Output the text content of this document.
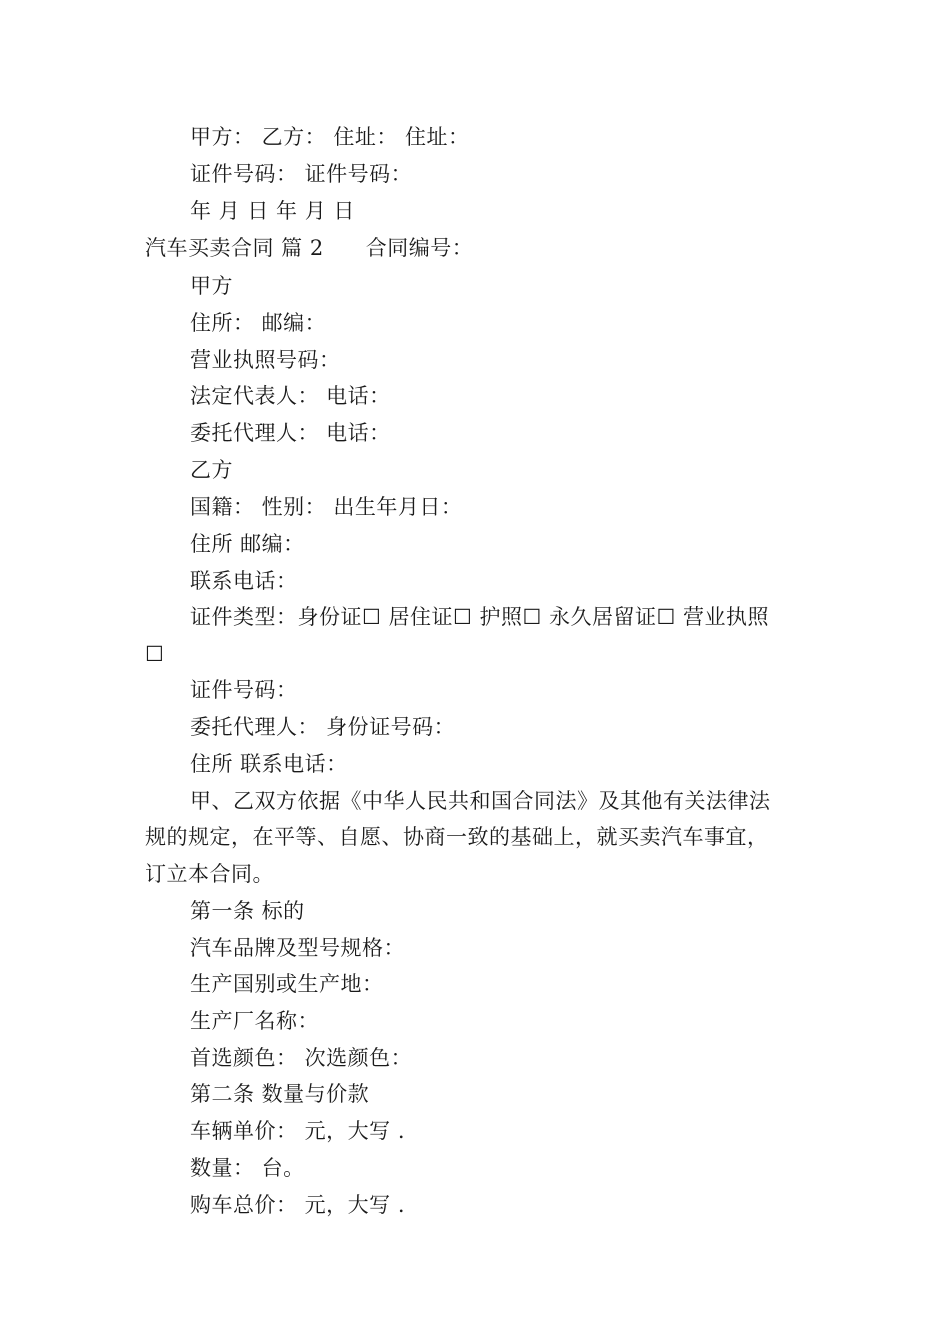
甲方： 乙方： 住址： 住址：
证件号码： 证件号码：
年 月 日 年 月 日
汽车买卖合同 篇 2 合同编号：
甲方
住所： 邮编：
营业执照号码：
法定代表人： 电话：
委托代理人： 电话：
乙方
国籍： 性别： 出生年月日：
住所 邮编：
联系电话：
证件类型：身份证☐ 居住证☐ 护照☐ 永久居留证☐ 营业执照
☐
证件号码：
委托代理人： 身份证号码：
住所 联系电话：
甲、乙双方依据《中华人民共和国合同法》及其他有关法律法
规的规定，在平等、自愿、协商一致的基础上，就买卖汽车事宜，
订立本合同。
第一条 标的
汽车品牌及型号规格：
生产国别或生产地：
生产厂名称：
首选颜色： 次选颜色：
第二条 数量与价款
车辆单价： 元，大写 .
数量： 台。
购车总价： 元，大写 .
